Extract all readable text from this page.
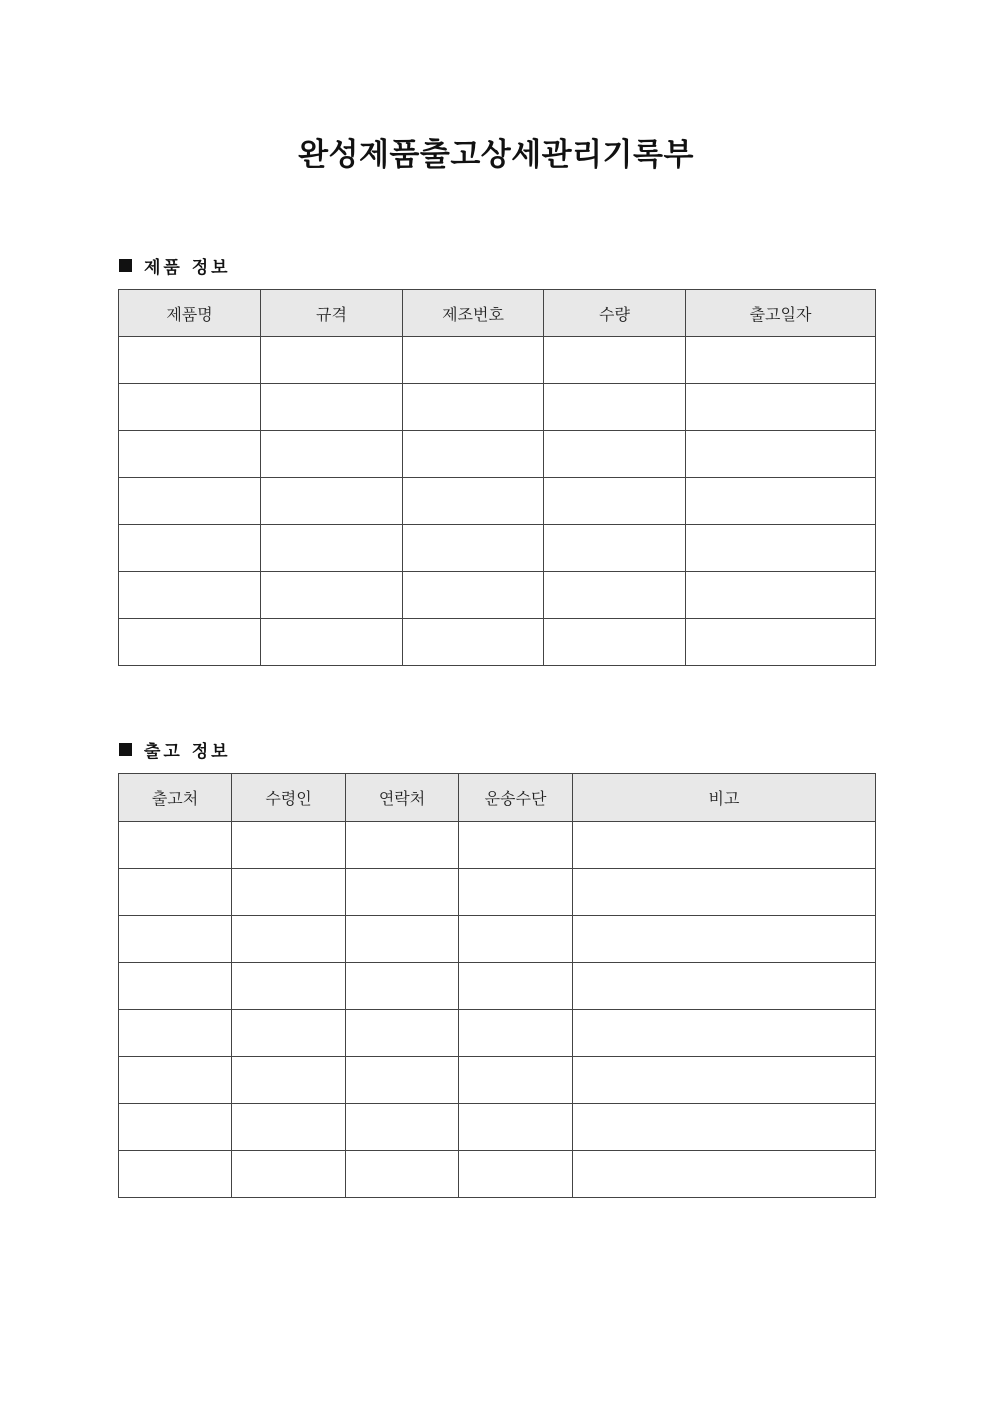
완성제품출고상세관리기록부
제품 정보
제품명	규격	제조번호	수량	출고일자

출고 정보
출고처	수령인	연락처	운송수단	비고
